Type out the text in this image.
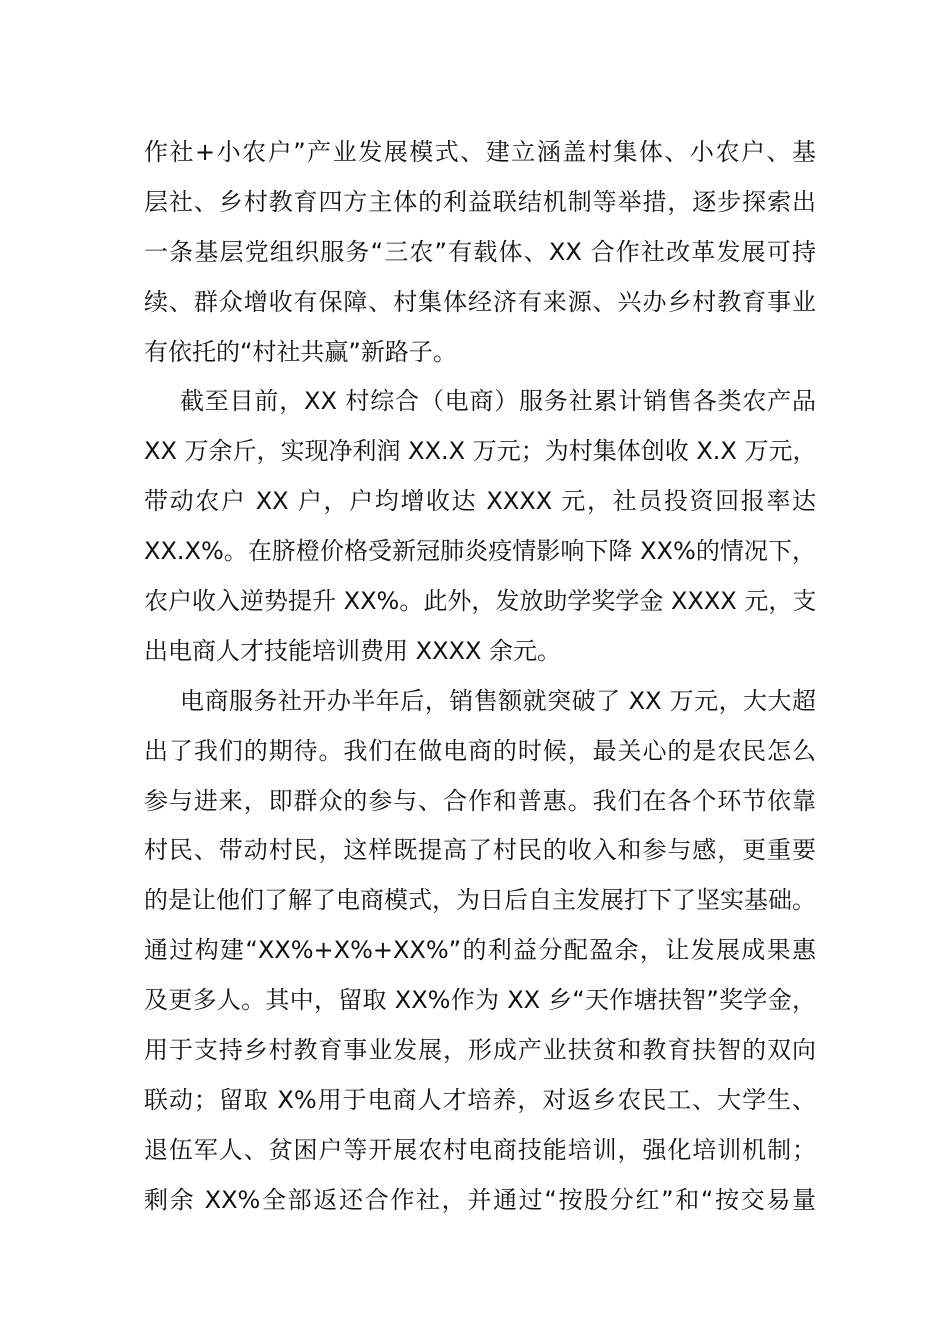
作社+小农户”产业发展模式、建立涵盖村集体、小农户、基
层社、乡村教育四方主体的利益联结机制等举措，逐步探索出
一条基层党组织服务“三农”有载体、XX 合作社改革发展可持
续、群众增收有保障、村集体经济有来源、兴办乡村教育事业
有依托的“村社共赢”新路子。
截至目前，XX 村综合（电商）服务社累计销售各类农产品
XX 万余斤，实现净利润 XX.X 万元；为村集体创收 X.X 万元，
带动农户 XX 户，户均增收达 XXXX 元，社员投资回报率达
XX.X%。在脐橙价格受新冠肺炎疫情影响下降 XX%的情况下，
农户收入逆势提升 XX%。此外，发放助学奖学金 XXXX 元，支
出电商人才技能培训费用 XXXX 余元。
电商服务社开办半年后，销售额就突破了 XX 万元，大大超
出了我们的期待。我们在做电商的时候，最关心的是农民怎么
参与进来，即群众的参与、合作和普惠。我们在各个环节依靠
村民、带动村民，这样既提高了村民的收入和参与感，更重要
的是让他们了解了电商模式，为日后自主发展打下了坚实基础。
通过构建“XX%+X%+XX%”的利益分配盈余，让发展成果惠
及更多人。其中，留取 XX%作为 XX 乡“天作塘扶智”奖学金，
用于支持乡村教育事业发展，形成产业扶贫和教育扶智的双向
联动；留取 X%用于电商人才培养，对返乡农民工、大学生、
退伍军人、贫困户等开展农村电商技能培训，强化培训机制；
剩余 XX%全部返还合作社，并通过“按股分红”和“按交易量
